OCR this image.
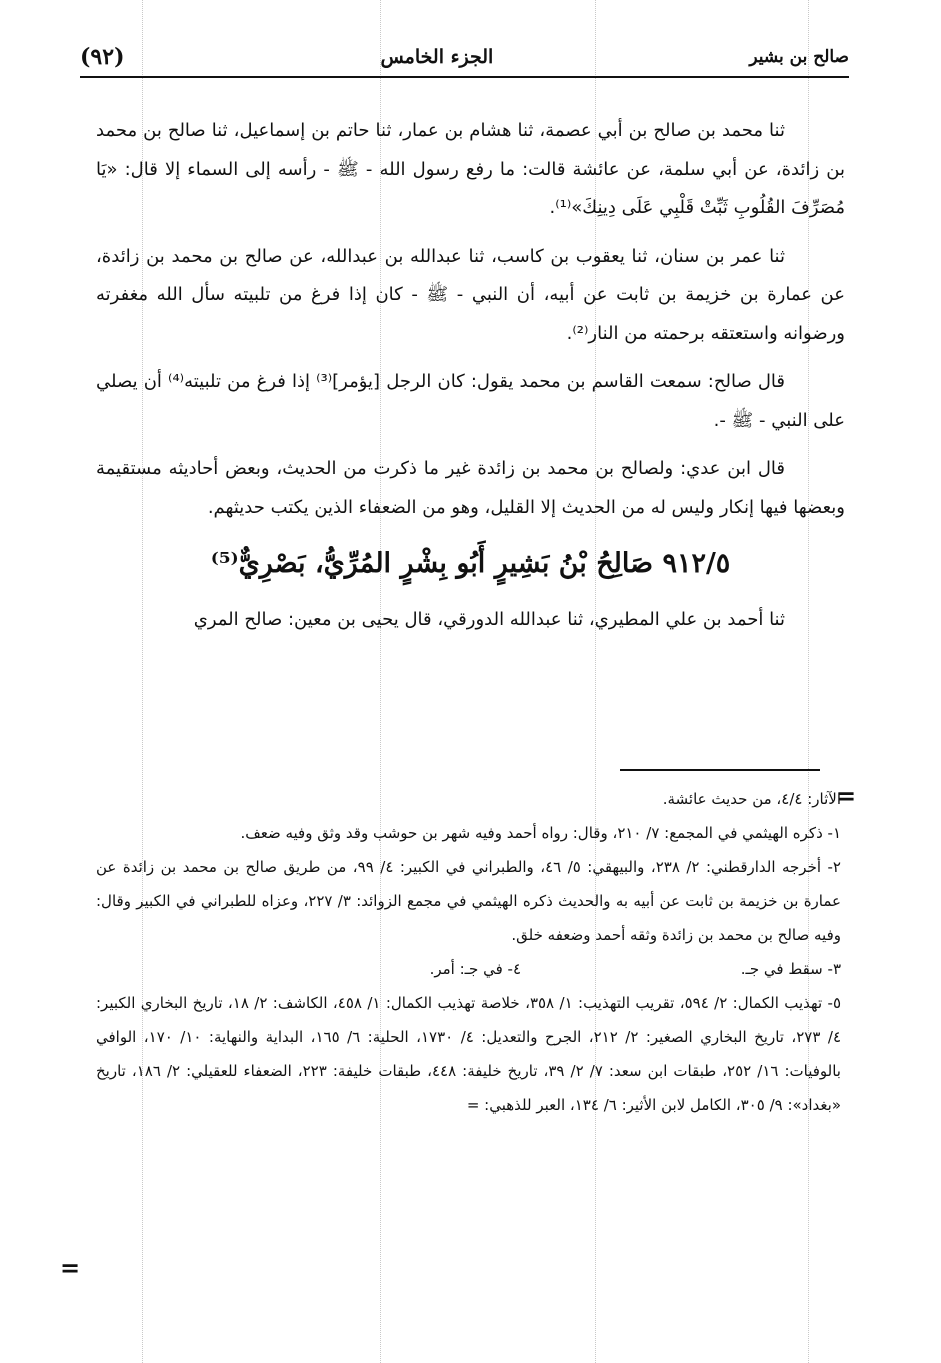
صالح بن بشير
الجزء الخامس
(٩٢)

ثنا محمد بن صالح بن أبي عصمة، ثنا هشام بن عمار، ثنا حاتم بن إسماعيل، ثنا صالح بن محمد بن زائدة، عن أبي سلمة، عن عائشة قالت: ما رفع رسول الله - ﷺ - رأسه إلى السماء إلا قال: «يَا مُصَرِّفَ القُلُوبِ ثَبِّتْ قَلْبِي عَلَى دِينِكَ»⁽¹⁾.

ثنا عمر بن سنان، ثنا يعقوب بن كاسب، ثنا عبدالله بن عبدالله، عن صالح بن محمد بن زائدة، عن عمارة بن خزيمة بن ثابت عن أبيه، أن النبي - ﷺ - كان إذا فرغ من تلبيته سأل الله مغفرته ورضوانه واستعتقه برحمته من النار⁽²⁾.

قال صالح: سمعت القاسم بن محمد يقول: كان الرجل [يؤمر]⁽³⁾ إذا فرغ من تلبيته⁽⁴⁾ أن يصلي على النبي - ﷺ -.

قال ابن عدي: ولصالح بن محمد بن زائدة غير ما ذكرت من الحديث، وبعض أحاديثه مستقيمة وبعضها فيها إنكار وليس له من الحديث إلا القليل، وهو من الضعفاء الذين يكتب حديثهم.

٩١٢/٥ صَالِحُ بْنُ بَشِيرٍ أَبُو بِشْرٍ المُرِّيُّ، بَصْرِيٌّ⁽⁵⁾

ثنا أحمد بن علي المطيري، ثنا عبدالله الدورقي، قال يحيى بن معين: صالح المري

=

الآثار: ٤/٤، من حديث عائشة.

١- ذكره الهيثمي في المجمع: ٧/ ٢١٠، وقال: رواه أحمد وفيه شهر بن حوشب وقد وثق وفيه ضعف.

٢- أخرجه الدارقطني: ٢/ ٢٣٨، والبيهقي: ٥/ ٤٦، والطبراني في الكبير: ٤/ ٩٩، من طريق صالح بن محمد بن زائدة عن عمارة بن خزيمة بن ثابت عن أبيه به والحديث ذكره الهيثمي في مجمع الزوائد: ٣/ ٢٢٧، وعزاه للطبراني في الكبير وقال: وفيه صالح بن محمد بن زائدة وثقه أحمد وضعفه خلق.

٣- سقط في جـ.
٤- في جـ: أمر.

٥- تهذيب الكمال: ٢/ ٥٩٤، تقريب التهذيب: ١/ ٣٥٨، خلاصة تهذيب الكمال: ١/ ٤٥٨، الكاشف: ٢/ ١٨، تاريخ البخاري الكبير: ٤/ ٢٧٣، تاريخ البخاري الصغير: ٢/ ٢١٢، الجرح والتعديل: ٤/ ١٧٣٠، الحلية: ٦/ ١٦٥، البداية والنهاية: ١٠/ ١٧٠، الوافي بالوفيات: ١٦/ ٢٥٢، طبقات ابن سعد: ٧/ ٢/ ٣٩، تاريخ خليفة: ٤٤٨، طبقات خليفة: ٢٢٣، الضعفاء للعقيلي: ٢/ ١٨٦، تاريخ «بغداد»: ٩/ ٣٠٥، الكامل لابن الأثير: ٦/ ١٣٤، العبر للذهبي: =

=
